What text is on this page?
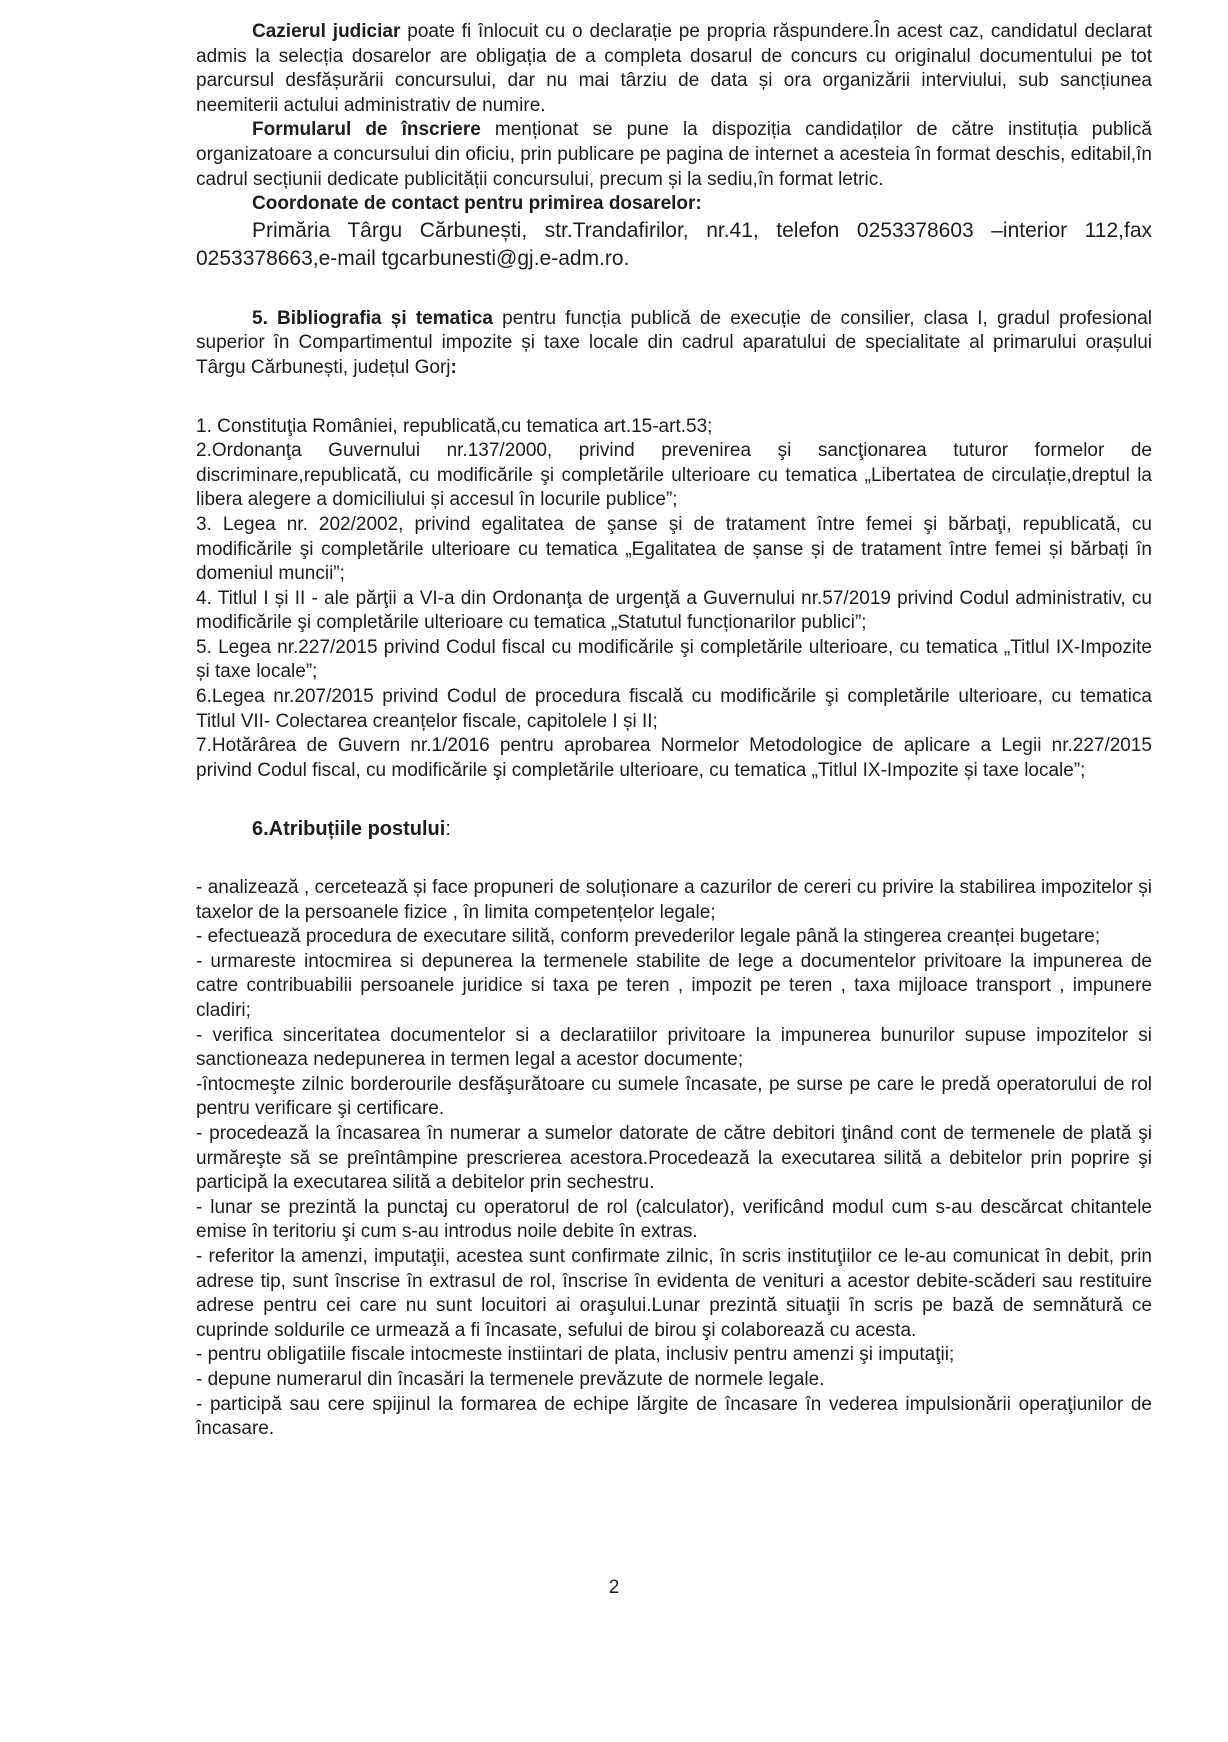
Cazierul judiciar poate fi înlocuit cu o declarație pe propria răspundere.În acest caz, candidatul declarat admis la selecția dosarelor are obligația de a completa dosarul de concurs cu originalul documentului pe tot parcursul desfășurării concursului, dar nu mai târziu de data și ora organizării interviului, sub sancțiunea neemiterii actului administrativ de numire.

Formularul de înscriere menționat se pune la dispoziția candidaților de către instituția publică organizatoare a concursului din oficiu, prin publicare pe pagina de internet a acesteia în format deschis, editabil,în cadrul secțiunii dedicate publicității concursului, precum și la sediu,în format letric.

Coordonate de contact pentru primirea dosarelor:

Primăria Târgu Cărbunești, str.Trandafirilor, nr.41, telefon 0253378603 –interior 112,fax 0253378663,e-mail tgcarbunesti@gj.e-adm.ro.

5. Bibliografia și tematica pentru funcția publică de execuție de consilier, clasa I, gradul profesional superior în Compartimentul impozite și taxe locale din cadrul aparatului de specialitate al primarului orașului Târgu Cărbunești, județul Gorj:

1. Constituţia României, republicată,cu tematica art.15-art.53;

2.Ordonanţa Guvernului nr.137/2000, privind prevenirea şi sancţionarea tuturor formelor de discriminare,republicată, cu modificările şi completările ulterioare cu tematica „Libertatea de circulație,dreptul la libera alegere a domiciliului și accesul în locurile publice”;

3. Legea nr. 202/2002, privind egalitatea de şanse şi de tratament între femei şi bărbaţi, republicată, cu modificările şi completările ulterioare cu tematica „Egalitatea de șanse și de tratament între femei și bărbați în domeniul muncii”;

4. Titlul I și II - ale părţii a VI-a din Ordonanţa de urgenţă a Guvernului nr.57/2019 privind Codul administrativ, cu modificările şi completările ulterioare cu tematica „Statutul funcționarilor publici”;

5. Legea nr.227/2015 privind Codul fiscal cu modificările şi completările ulterioare, cu tematica „Titlul IX-Impozite și taxe locale”;

6.Legea nr.207/2015 privind Codul de procedura fiscală cu modificările şi completările ulterioare, cu tematica Titlul VII- Colectarea creanțelor fiscale, capitolele I și II;

7.Hotărârea de Guvern nr.1/2016 pentru aprobarea Normelor Metodologice de aplicare a Legii nr.227/2015 privind Codul fiscal, cu modificările şi completările ulterioare, cu tematica „Titlul IX-Impozite și taxe locale”;

6.Atribuțiile postului:

- analizează , cercetează și face propuneri de soluționare a cazurilor de cereri cu privire la stabilirea impozitelor și taxelor de la persoanele fizice , în limita competențelor legale;

- efectuează procedura de executare silită, conform prevederilor legale până la stingerea creanței bugetare;

- urmareste intocmirea si depunerea la termenele stabilite de lege a documentelor privitoare la impunerea de catre contribuabilii persoanele juridice si taxa pe teren , impozit pe teren , taxa mijloace transport , impunere cladiri;

- verifica sinceritatea documentelor si a declaratiilor privitoare la impunerea bunurilor supuse impozitelor si sanctioneaza nedepunerea in termen legal a acestor documente;

-întocmeşte zilnic borderourile desfăşurătoare cu sumele încasate, pe surse pe care le predă operatorului de rol pentru verificare şi certificare.

- procedează la încasarea în numerar a sumelor datorate de către debitori ţinând cont de termenele de plată şi urmăreşte să se preîntâmpine prescrierea acestora.Procedează la executarea silită a debitelor prin poprire şi participă la executarea silită a debitelor prin sechestru.

- lunar se prezintă la punctaj cu operatorul de rol (calculator), verificând modul cum s-au descărcat chitantele emise în teritoriu şi cum s-au introdus noile debite în extras.

- referitor la amenzi, imputaţii, acestea sunt confirmate zilnic, în scris instituţiilor ce le-au comunicat în debit, prin adrese tip, sunt înscrise în extrasul de rol, înscrise în evidenta de venituri a acestor debite-scăderi sau restituire adrese pentru cei care nu sunt locuitori ai oraşului.Lunar prezintă situaţii în scris pe bază de semnătură ce cuprinde soldurile ce urmează a fi încasate, sefului de birou şi colaborează cu acesta.

- pentru obligatiile fiscale intocmeste instiintari de plata, inclusiv pentru amenzi şi imputaţii;

- depune numerarul din încasări la termenele prevăzute de normele legale.

- participă sau cere spijinul la formarea de echipe lărgite de încasare în vederea impulsionării operaţiunilor de încasare.

2
